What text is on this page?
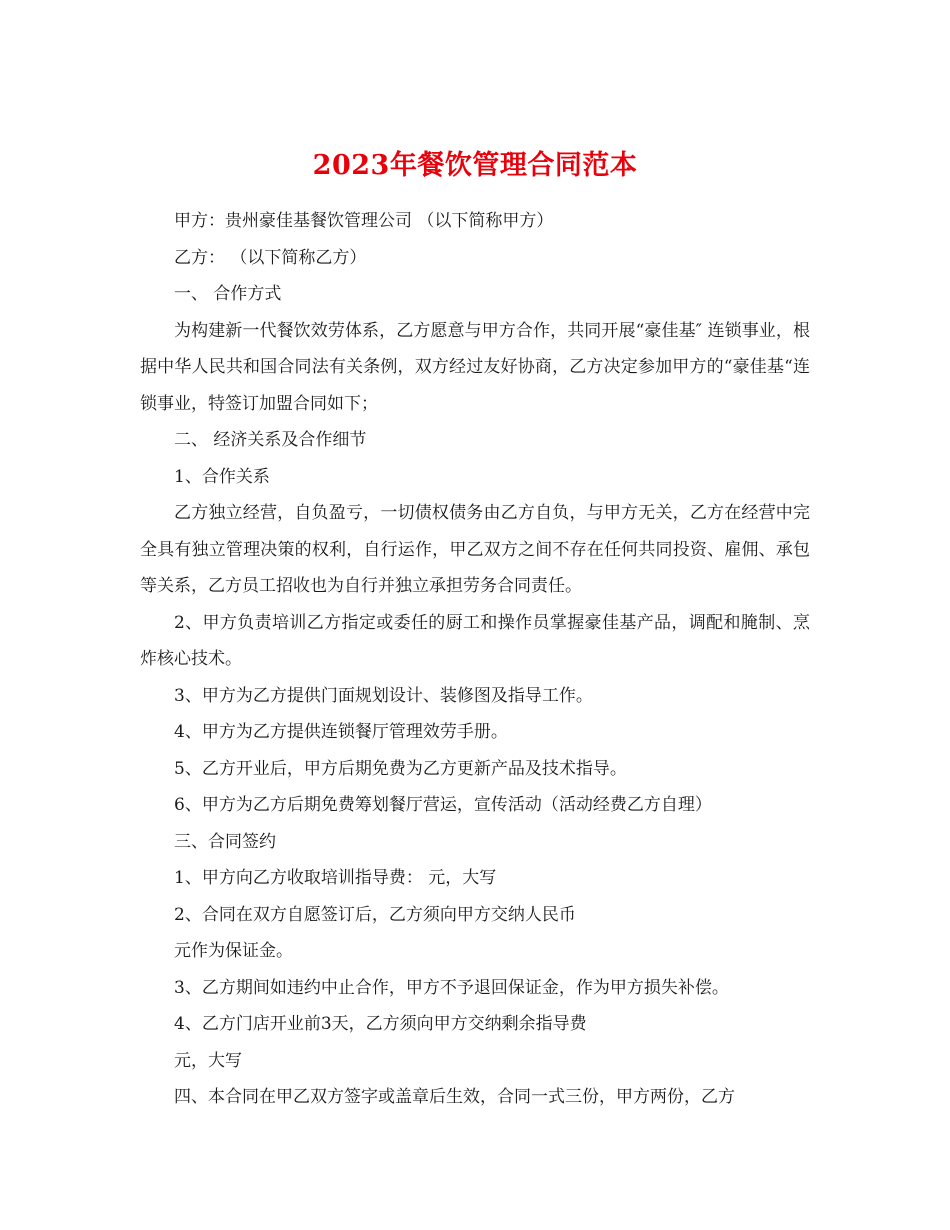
2023年餐饮管理合同范本

甲方：贵州豪佳基餐饮管理公司 （以下简称甲方）

乙方： （以下简称乙方）

一、 合作方式

为构建新一代餐饮效劳体系，乙方愿意与甲方合作，共同开展“豪佳基″ 连锁事业，根据中华人民共和国合同法有关条例，双方经过友好协商，乙方决定参加甲方的“豪佳基“连锁事业，特签订加盟合同如下；

二、 经济关系及合作细节

1、合作关系

乙方独立经营，自负盈亏，一切债权债务由乙方自负，与甲方无关，乙方在经营中完全具有独立管理决策的权利，自行运作，甲乙双方之间不存在任何共同投资、雇佣、承包等关系，乙方员工招收也为自行并独立承担劳务合同责任。

2、甲方负责培训乙方指定或委任的厨工和操作员掌握豪佳基产品，调配和腌制、烹炸核心技术。

3、甲方为乙方提供门面规划设计、装修图及指导工作。

4、甲方为乙方提供连锁餐厅管理效劳手册。

5、乙方开业后，甲方后期免费为乙方更新产品及技术指导。

6、甲方为乙方后期免费筹划餐厅营运，宣传活动（活动经费乙方自理）

三、合同签约

1、甲方向乙方收取培训指导费： 元，大写

2、合同在双方自愿签订后，乙方须向甲方交纳人民币

元作为保证金。

3、乙方期间如违约中止合作，甲方不予退回保证金，作为甲方损失补偿。

4、乙方门店开业前3天，乙方须向甲方交纳剩余指导费

元，大写

四、本合同在甲乙双方签字或盖章后生效，合同一式三份，甲方两份，乙方
